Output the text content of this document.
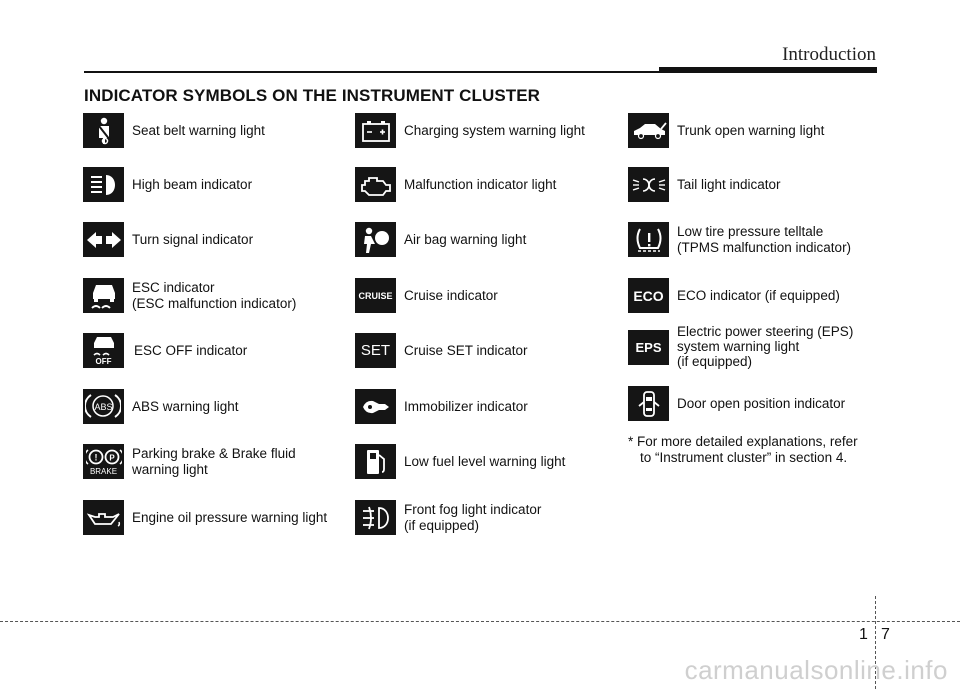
Introduction
INDICATOR SYMBOLS ON THE INSTRUMENT CLUSTER
Seat belt warning light
High beam indicator
Turn signal indicator
ESC indicator
(ESC malfunction indicator)
OFF
ESC OFF indicator
ABS ABS warning light
! P
BRAKE
Parking brake & Brake fluid
warning light
Engine oil pressure warning light
Charging system warning light
Malfunction indicator light
Air bag warning light
CRUISE Cruise indicator
SET Cruise SET indicator
Immobilizer indicator
Low fuel level warning light
Front fog light indicator
(if equipped)
Trunk open warning light
Tail light indicator
Low tire pressure telltale
(TPMS malfunction indicator)
ECO ECO indicator (if equipped)
EPS
Electric power steering (EPS)
system warning light
(if equipped)
Door open position indicator
* For more detailed explanations, refer
to “Instrument cluster” in section 4.
1 7
carmanualsonline.info
